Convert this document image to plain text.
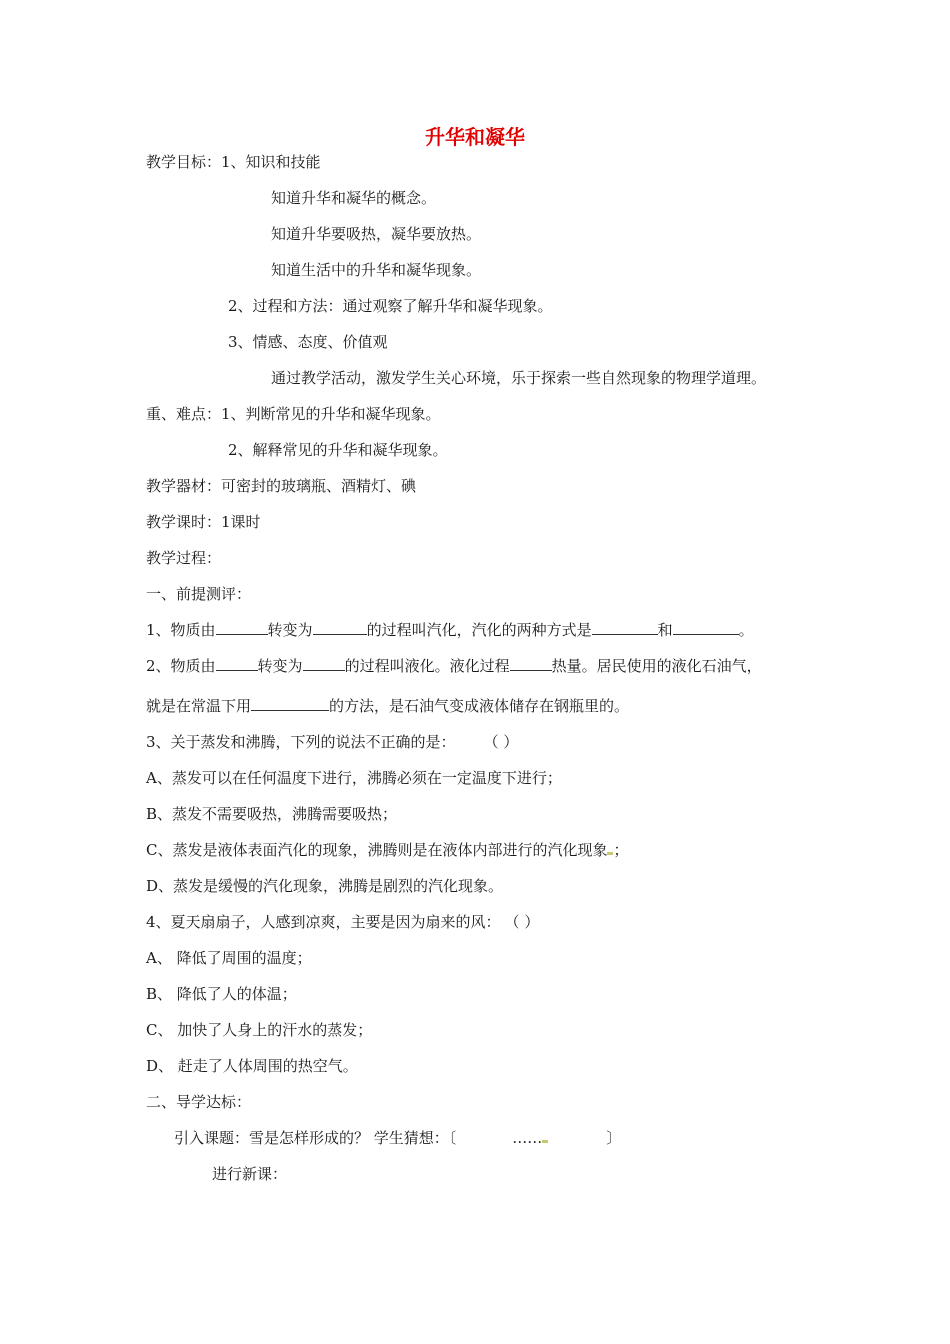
升华和凝华
教学目标：1、知识和技能
知道升华和凝华的概念。
知道升华要吸热，凝华要放热。
知道生活中的升华和凝华现象。
2、过程和方法：通过观察了解升华和凝华现象。
3、情感、态度、价值观
通过教学活动，激发学生关心环境，乐于探索一些自然现象的物理学道理。
重、难点：1、判断常见的升华和凝华现象。
2、解释常见的升华和凝华现象。
教学器材：可密封的玻璃瓶、酒精灯、碘
教学课时：1课时
教学过程：
一、前提测评：
1、物质由	转变为	的过程叫汽化，汽化的两种方式是	和	。
2、物质由	转变为	的过程叫液化。液化过程	热量。居民使用的液化石油气，
就是在常温下用	的方法，是石油气变成液体储存在钢瓶里的。
3、关于蒸发和沸腾，下列的说法不正确的是： （ ）
A、蒸发可以在任何温度下进行，沸腾必须在一定温度下进行；
B、蒸发不需要吸热，沸腾需要吸热；
C、蒸发是液体表面汽化的现象，沸腾则是在液体内部进行的汽化现象 ；
D、蒸发是缓慢的汽化现象，沸腾是剧烈的汽化现象。
4、夏天扇扇子，人感到凉爽，主要是因为扇来的风： （ ）
A、 降低了周围的温度；
B、 降低了人的体温；
C、 加快了人身上的汗水的蒸发；
D、 赶走了人体周围的热空气。
二、导学达标：
引入课题：雪是怎样形成的？ 学生猜想：〔	……	〕
进行新课：
